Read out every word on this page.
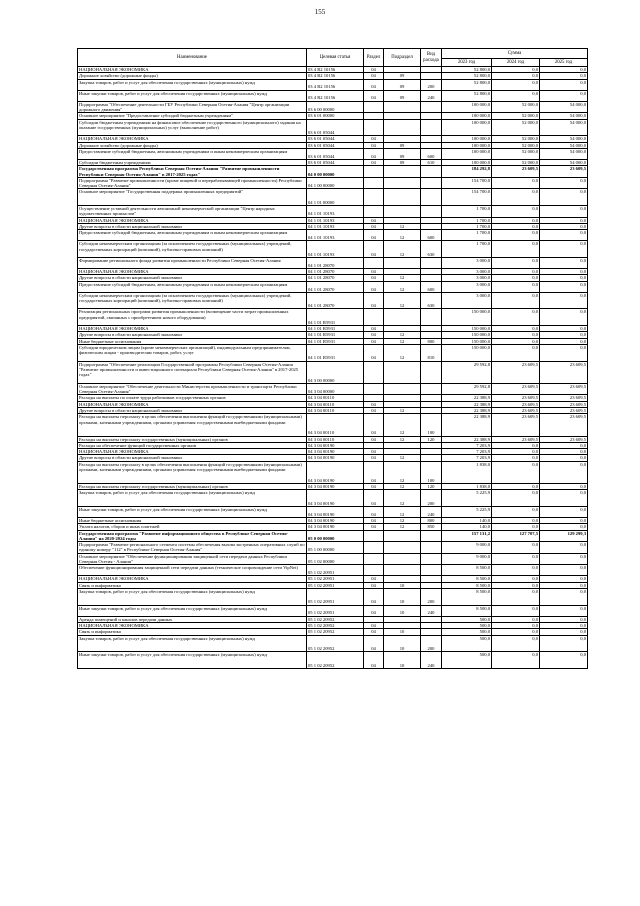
155
Наименование	Целевая статья	Раздел	Подраздел	Вид расхода	Сумма		
					2023 год	2024 год	2025 год
НАЦИОНАЛЬНАЯ ЭКОНОМИКА	03 4 R2 10156	04			52 800,0	0,0	0,0
Дорожное хозяйство (дорожные фонды)	03 4 R2 10156	04	09		52 800,0	0,0	0,0
Закупка товаров, работ и услуг для обеспечения государственных (муниципальных) нужд	03 4 R2 10156	04	09	200	52 800,0	0,0	0,0
Иные закупки товаров, работ и услуг для обеспечения государственных (муниципальных) нужд	03 4 R2 10156	04	09	240	52 800,0	0,0	0,0
Подпрограмма "Обеспечение деятельности ГБУ Республики Северная Осетия-Алания "Центр организации дорожного движения"	03 6 00 00000				100 000,0	52 000,0	54 000,0
Основное мероприятие "Предоставление субсидий бюджетным учреждениям"	03 6 01 00000				100 000,0	52 000,0	54 000,0
Субсидии бюджетным учреждениям на финансовое обеспечение государственного (муниципального) задания на оказание государственных (муниципальных) услуг (выполнение работ)	03 6 01 05044				100 000,0	52 000,0	54 000,0
НАЦИОНАЛЬНАЯ ЭКОНОМИКА	03 6 01 05044	04			100 000,0	52 000,0	54 000,0
Дорожное хозяйство (дорожные фонды)	03 6 01 05044	04	09		100 000,0	52 000,0	54 000,0
Предоставление субсидий бюджетным, автономным учреждениям и иным некоммерческим организациям	03 6 01 05044	04	09	600	100 000,0	52 000,0	54 000,0
Субсидии бюджетным учреждениям	03 6 01 05044	04	09	610	100 000,0	52 000,0	54 000,0
Государственная программа Республики Северная Осетия-Алания "Развитие промышленности Республики Северная Осетия-Алания" в 2017-2025 годах"	04 0 00 00000				184 292,8	23 609,5	23 609,5
Подпрограмма "Развитие промышленности (кроме пищевой и перерабатывающей промышленности) Республики Северная Осетия-Алания"	04 1 00 00000				154 700,0	0,0	0,0
Основное мероприятие "Государственная поддержка промышленных предприятий"	04 1 01 00000				154 700,0	0,0	0,0
Осуществление уставной деятельности автономной некоммерческой организации "Центр народных художественных промыслов"	04 1 01 10193				1 700,0	0,0	0,0
НАЦИОНАЛЬНАЯ ЭКОНОМИКА	04 1 01 10193	04			1 700,0	0,0	0,0
Другие вопросы в области национальной экономики	04 1 01 10193	04	12		1 700,0	0,0	0,0
Предоставление субсидий бюджетным, автономным учреждениям и иным некоммерческим организациям	04 1 01 10193	04	12	600	1 700,0	0,0	0,0
Субсидии некоммерческим организациям (за исключением государственных (муниципальных) учреждений, государственных корпораций (компаний), публично-правовых компаний)	04 1 01 10193	04	12	630	1 700,0	0,0	0,0
Формирование регионального фонда развития промышленности Республики Северная Осетия-Алания	04 1 01 28070				3 000,0	0,0	0,0
НАЦИОНАЛЬНАЯ ЭКОНОМИКА	04 1 01 28070	04			3 000,0	0,0	0,0
Другие вопросы в области национальной экономики	04 1 01 28070	04	12		3 000,0	0,0	0,0
Предоставление субсидий бюджетным, автономным учреждениям и иным некоммерческим организациям	04 1 01 28070	04	12	600	3 000,0	0,0	0,0
Субсидии некоммерческим организациям (за исключением государственных (муниципальных) учреждений, государственных корпораций (компаний), публично-правовых компаний)	04 1 01 28070	04	12	630	3 000,0	0,0	0,0
Реализация региональных программ развития промышленности (возмещение части затрат промышленных предприятий, связанных с приобретением нового оборудования)	04 1 01 R5931				150 000,0	0,0	0,0
НАЦИОНАЛЬНАЯ ЭКОНОМИКА	04 1 01 R5931	04			150 000,0	0,0	0,0
Другие вопросы в области национальной экономики	04 1 01 R5931	04	12		150 000,0	0,0	0,0
Иные бюджетные ассигнования	04 1 01 R5931	04	12	800	150 000,0	0,0	0,0
Субсидии юридическим лицам (кроме некоммерческих организаций), индивидуальным предпринимателям, физическим лицам - производителям товаров, работ, услуг	04 1 01 R5931	04	12	810	150 000,0	0,0	0,0
Подпрограмма "Обеспечение реализации Государственной программы Республики Северная Осетия-Алания "Развитие промышленности и инвестиционного потенциала Республики Северная Осетия-Алания" в 2017-2025 годах"	04 3 00 00000				29 592,8	23 609,5	23 609,5
Основное мероприятие "Обеспечение деятельности Министерства промышленности и транспорта Республики Северная Осетия-Алания"	04 3 04 00000				29 592,8	23 609,5	23 609,5
Расходы на выплаты по оплате труда работников государственных органов	04 3 04 00110				22 388,9	23 609,5	23 609,5
НАЦИОНАЛЬНАЯ ЭКОНОМИКА	04 3 04 00110	04			22 388,9	23 609,5	23 609,5
Другие вопросы в области национальной экономики	04 3 04 00110	04	12		22 388,9	23 609,5	23 609,5
Расходы на выплаты персоналу в целях обеспечения выполнения функций государственными (муниципальными) органами, казенными учреждениями, органами управления государственными внебюджетными фондами	04 3 04 00110	04	12	100	22 388,9	23 609,5	23 609,5
Расходы на выплаты персоналу государственных (муниципальных) органов	04 3 04 00110	04	12	120	22 388,9	23 609,5	23 609,5
Расходы на обеспечение функций государственных органов	04 3 04 00190				7 203,9	0,0	0,0
НАЦИОНАЛЬНАЯ ЭКОНОМИКА	04 3 04 00190	04			7 203,9	0,0	0,0
Другие вопросы в области национальной экономики	04 3 04 00190	04	12		7 203,9	0,0	0,0
Расходы на выплаты персоналу в целях обеспечения выполнения функций государственными (муниципальными) органами, казенными учреждениями, органами управления государственными внебюджетными фондами	04 3 04 00190	04	12	100	1 838,0	0,0	0,0
Расходы на выплаты персоналу государственных (муниципальных) органов	04 3 04 00190	04	12	120	1 838,0	0,0	0,0
Закупка товаров, работ и услуг для обеспечения государственных (муниципальных) нужд	04 3 04 00190	04	12	200	5 225,9	0,0	0,0
Иные закупки товаров, работ и услуг для обеспечения государственных (муниципальных) нужд	04 3 04 00190	04	12	240	5 225,9	0,0	0,0
Иные бюджетные ассигнования	04 3 04 00190	04	12	800	140,0	0,0	0,0
Уплата налогов, сборов и иных платежей	04 3 04 00190	04	12	850	140,0	0,0	0,0
Государственная программа "Развитие информационного общества в Республике Северная Осетия-Алания" на 2020-2024 годы	05 0 00 00000				157 131,2	127 707,5	129 299,3
Подпрограмма "Развитие регионального сегмента системы обеспечения вызова экстренных оперативных служб по единому номеру "112" в Республике Северная Осетия-Алания"	05 1 00 00000				9 000,0	0,0	0,0
Основное мероприятие "Обеспечение функционирования защищенной сети передачи данных Республики Северная Осетия - Алания"	05 1 02 00000				9 000,0	0,0	0,0
Обеспечение функционирования защищенной сети передачи данных (техническое сопровождение сети VipNet)	05 1 02 20951				8 500,0	0,0	0,0
НАЦИОНАЛЬНАЯ ЭКОНОМИКА	05 1 02 20951	04			8 500,0	0,0	0,0
Связь и информатика	05 1 02 20951	04	10		8 500,0	0,0	0,0
Закупка товаров, работ и услуг для обеспечения государственных (муниципальных) нужд	05 1 02 20951	04	10	200	8 500,0	0,0	0,0
Иные закупки товаров, работ и услуг для обеспечения государственных (муниципальных) нужд	05 1 02 20951	04	10	240	8 500,0	0,0	0,0
Аренда помещений и каналов передачи данных	05 1 02 20952				500,0	0,0	0,0
НАЦИОНАЛЬНАЯ ЭКОНОМИКА	05 1 02 20952	04			500,0	0,0	0,0
Связь и информатика	05 1 02 20952	04	10		500,0	0,0	0,0
Закупка товаров, работ и услуг для обеспечения государственных (муниципальных) нужд	05 1 02 20952	04	10	200	500,0	0,0	0,0
Иные закупки товаров, работ и услуг для обеспечения государственных (муниципальных) нужд	05 1 02 20952	04	10	240	500,0	0,0	0,0
